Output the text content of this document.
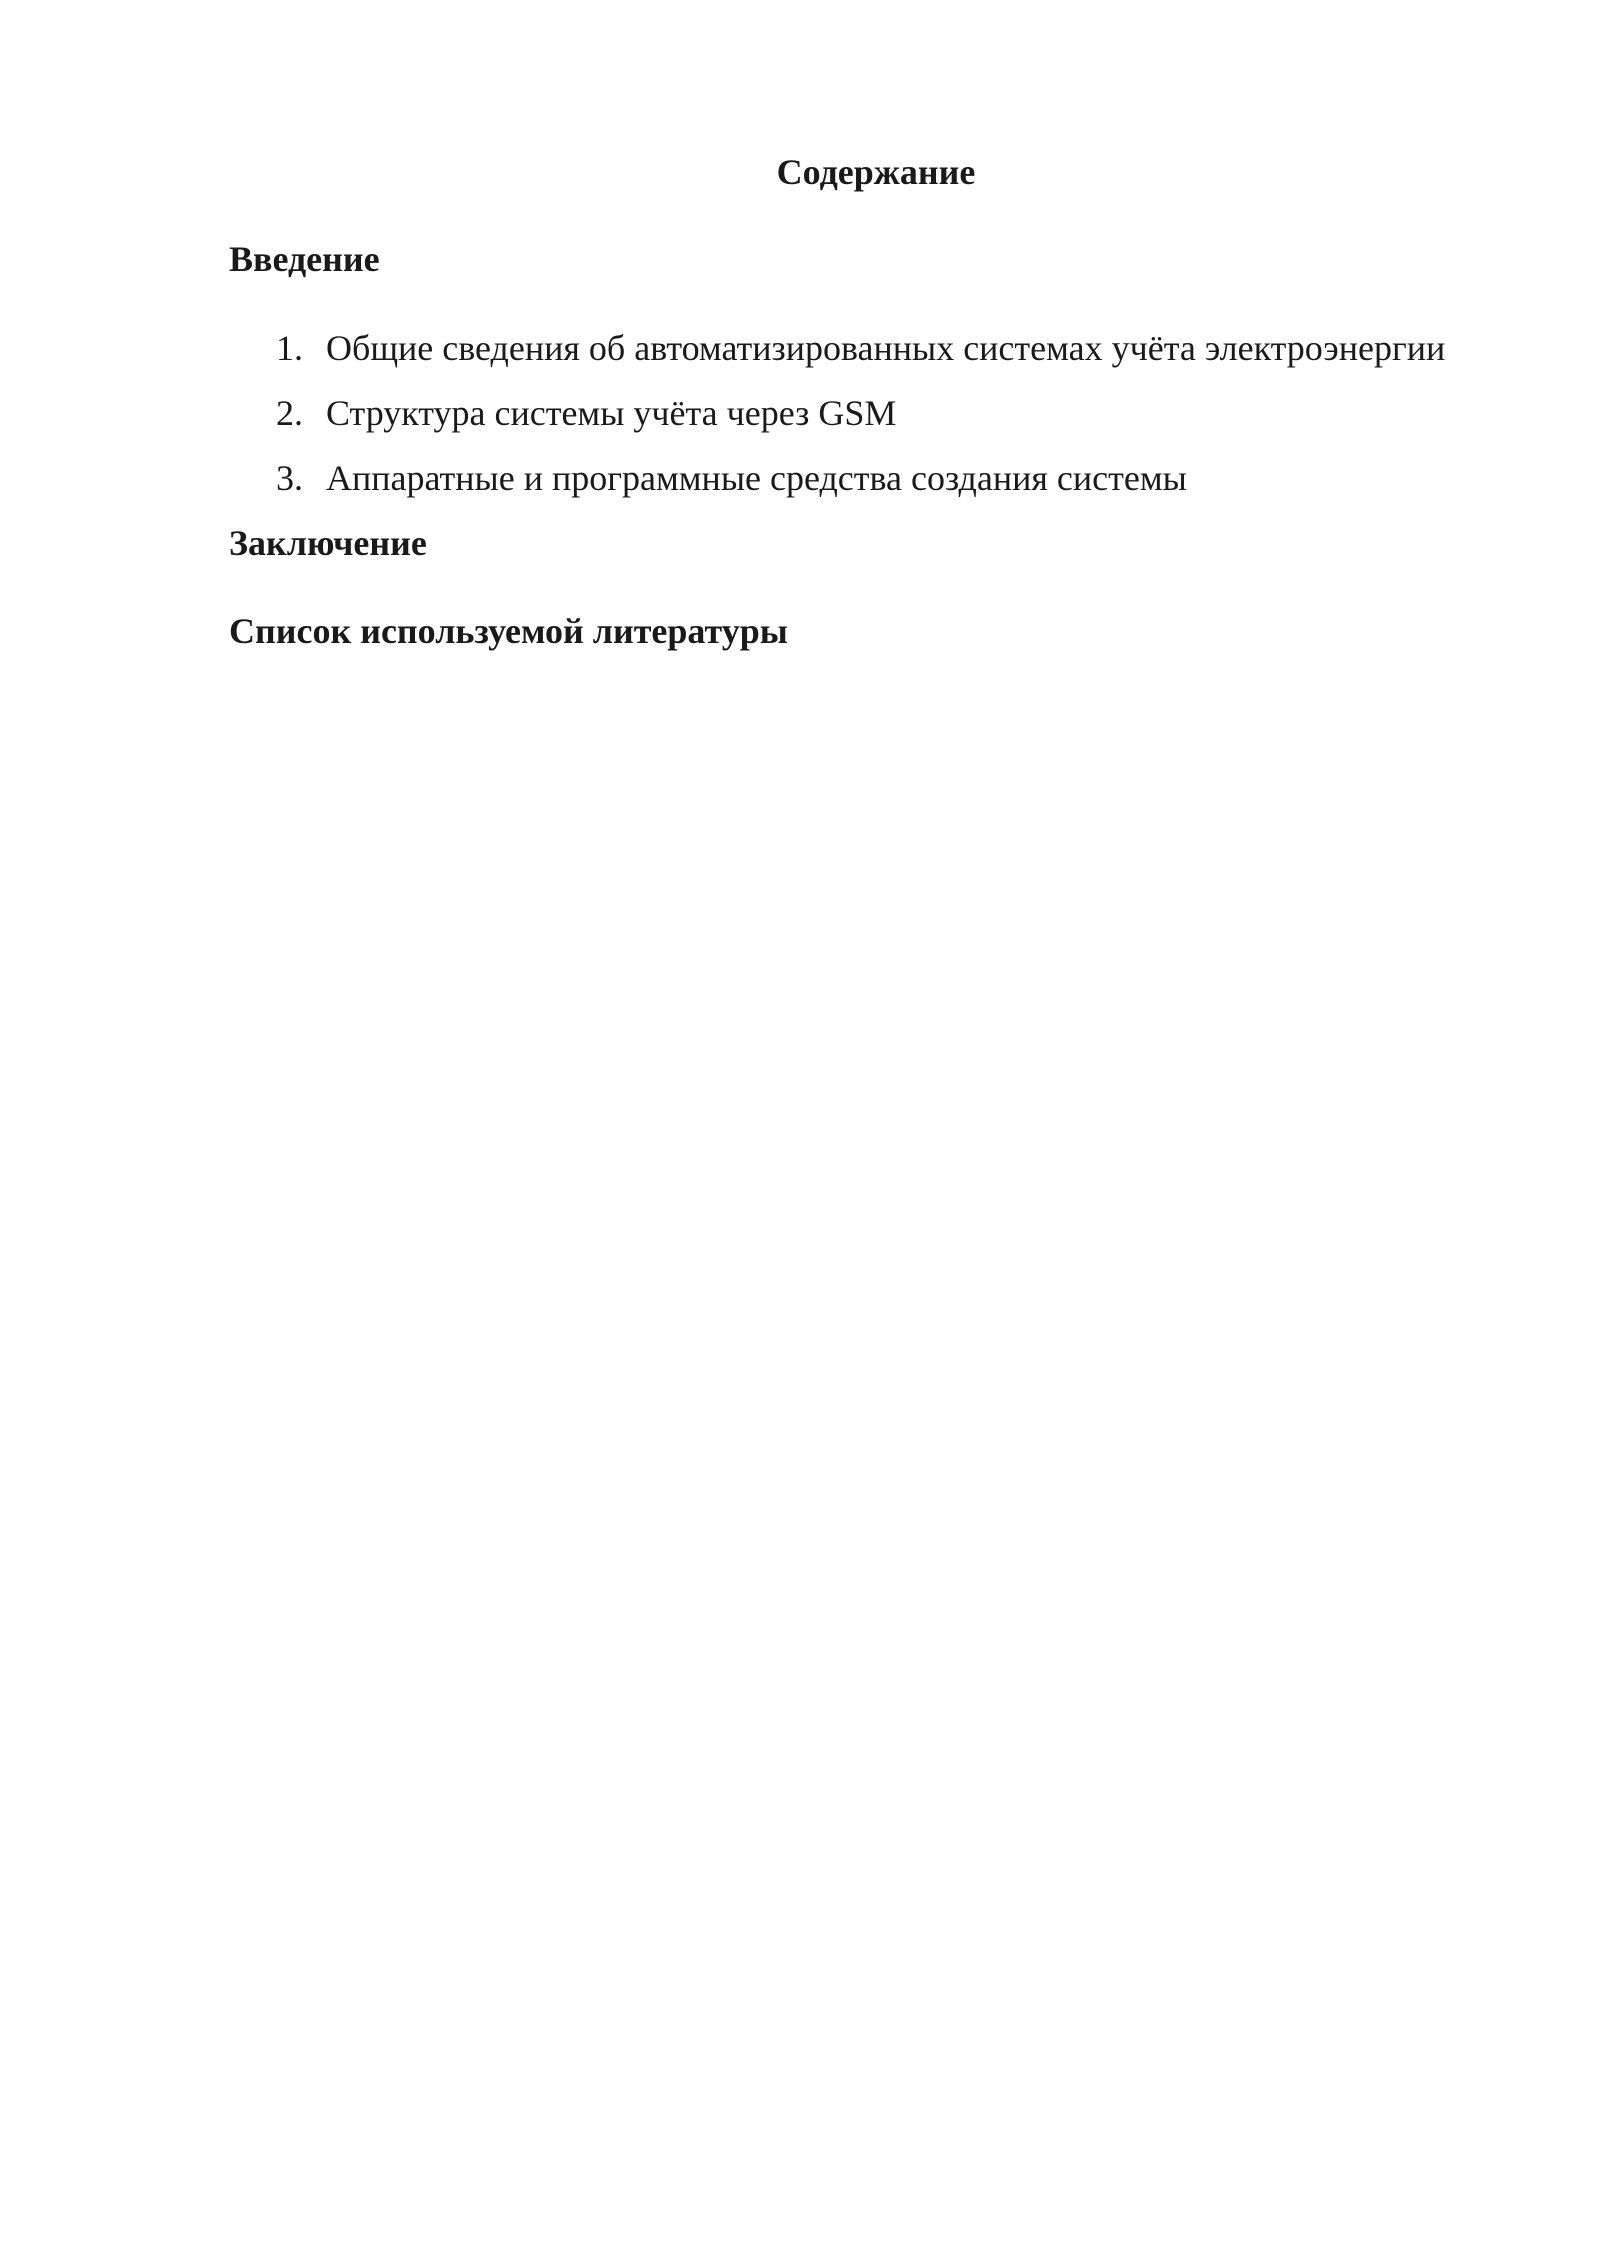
Содержание
Введение
1. Общие сведения об автоматизированных системах учёта электроэнергии
2. Структура системы учёта через GSM
3. Аппаратные и программные средства создания системы
Заключение
Список используемой литературы
